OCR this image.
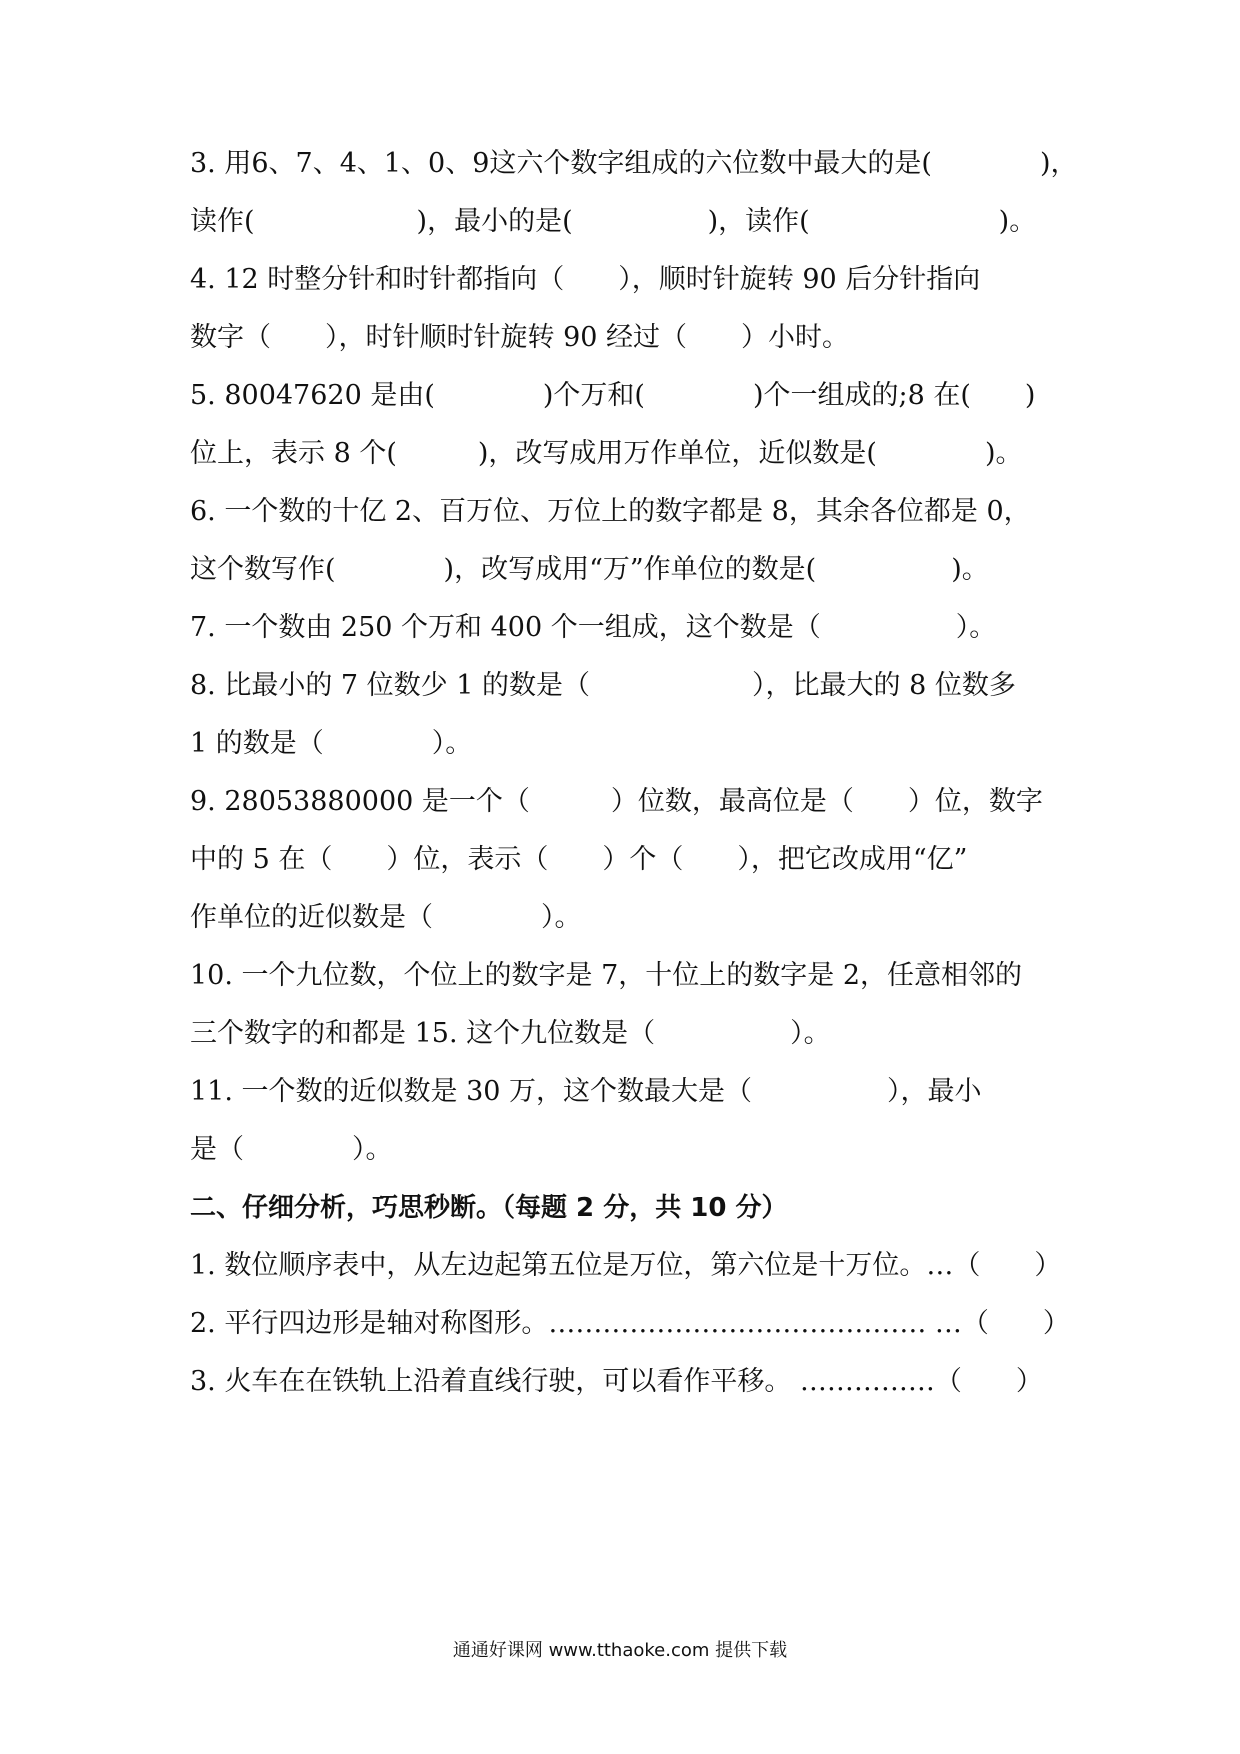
3. 用6、7、4、1、0、9这六个数字组成的六位数中最大的是(　　　　)，
读作(　　　　　　)，最小的是(　　　　　)，读作(　　　　　　　)。
4. 12 时整分针和时针都指向（　　），顺时针旋转 90 后分针指向
数字（　　），时针顺时针旋转 90 经过（　　）小时。
5. 80047620 是由(　　　　)个万和(　　　　)个一组成的;8 在(　　)
位上，表示 8 个(　　　)，改写成用万作单位，近似数是(　　　　)。
6. 一个数的十亿 2、百万位、万位上的数字都是 8，其余各位都是 0，
这个数写作(　　　　)，改写成用“万”作单位的数是(　　　　　)。
7. 一个数由 250 个万和 400 个一组成，这个数是（　　　　　）。
8. 比最小的 7 位数少 1 的数是（　　　　　　），比最大的 8 位数多
1 的数是（　　　　）。
9. 28053880000 是一个（　　　）位数，最高位是（　　）位，数字
中的 5 在（　　）位，表示（　　）个（　　），把它改成用“亿”
作单位的近似数是（　　　　）。
10. 一个九位数，个位上的数字是 7，十位上的数字是 2，任意相邻的
三个数字的和都是 15. 这个九位数是（　　　　　）。
11. 一个数的近似数是 30 万，这个数最大是（　　　　　），最小
是（　　　　）。
二、仔细分析，巧思秒断。（每题 2 分，共 10 分）
1. 数位顺序表中，从左边起第五位是万位，第六位是十万位。…（　　）
2. 平行四边形是轴对称图形。…………………………………… …（　　）
3. 火车在在铁轨上沿着直线行驶，可以看作平移。 ……………（　　）
通通好课网 www.tthaoke.com 提供下载
